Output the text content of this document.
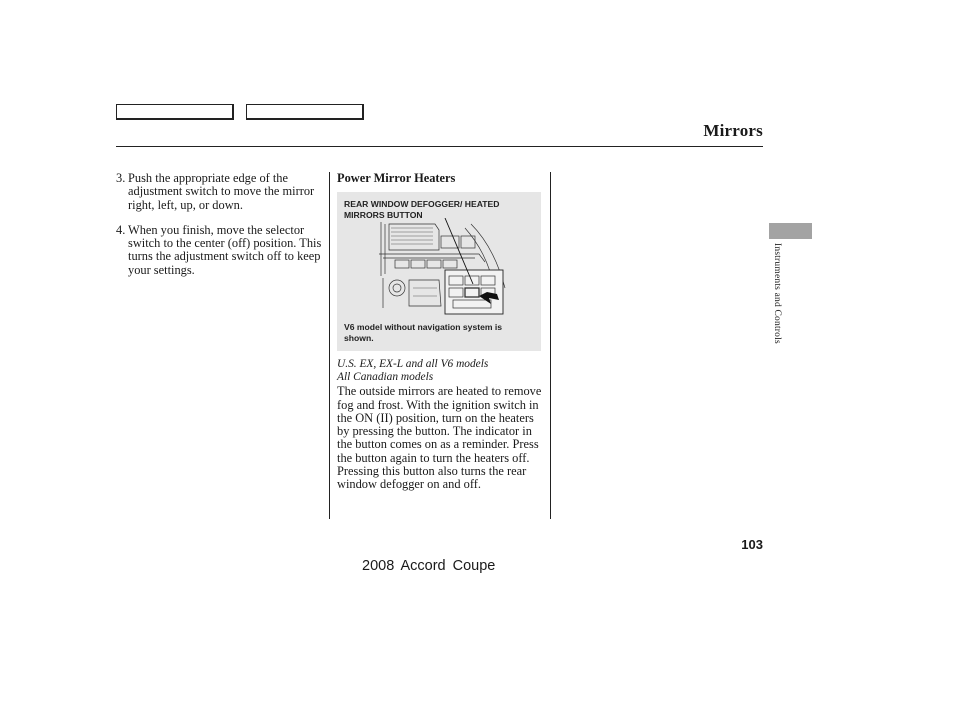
Mirrors
3. Push the appropriate edge of the adjustment switch to move the mirror right, left, up, or down.
4. When you finish, move the selector switch to the center (off) position. This turns the adjustment switch off to keep your settings.
Power Mirror Heaters
REAR WINDOW DEFOGGER/ HEATED MIRRORS BUTTON
V6 model without navigation system is shown.
U.S. EX, EX-L and all V6 models
All Canadian models
The outside mirrors are heated to remove fog and frost. With the ignition switch in the ON (II) position, turn on the heaters by pressing the button. The indicator in the button comes on as a reminder. Press the button again to turn the heaters off. Pressing this button also turns the rear window defogger on and off.
Instruments and Controls
103
2008 Accord Coupe
